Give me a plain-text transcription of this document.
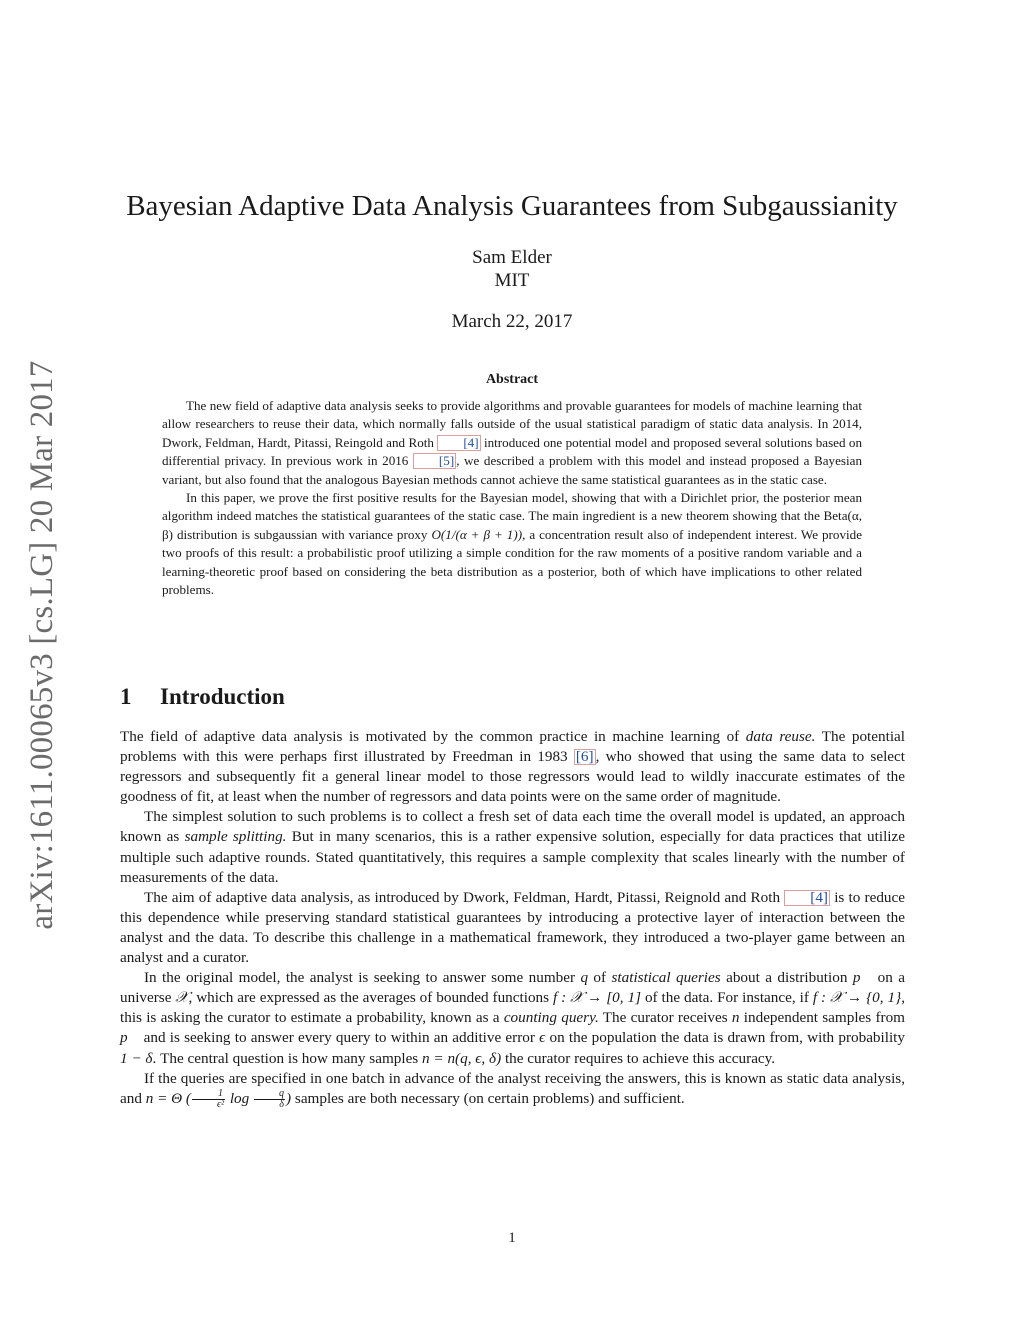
arXiv:1611.00065v3 [cs.LG] 20 Mar 2017
Bayesian Adaptive Data Analysis Guarantees from Subgaussianity
Sam Elder
MIT
March 22, 2017
Abstract

The new field of adaptive data analysis seeks to provide algorithms and provable guarantees for models of machine learning that allow researchers to reuse their data, which normally falls outside of the usual statistical paradigm of static data analysis. In 2014, Dwork, Feldman, Hardt, Pitassi, Reingold and Roth [4] introduced one potential model and proposed several solutions based on differential privacy. In previous work in 2016 [5] , we described a problem with this model and instead proposed a Bayesian variant, but also found that the analogous Bayesian methods cannot achieve the same statistical guarantees as in the static case.

In this paper, we prove the first positive results for the Bayesian model, showing that with a Dirichlet prior, the posterior mean algorithm indeed matches the statistical guarantees of the static case. The main ingredient is a new theorem showing that the Beta(α, β) distribution is subgaussian with variance proxy O(1/(α + β + 1)), a concentration result also of independent interest. We provide two proofs of this result: a probabilistic proof utilizing a simple condition for the raw moments of a positive random variable and a learning-theoretic proof based on considering the beta distribution as a posterior, both of which have implications to other related problems.

1 Introduction

The field of adaptive data analysis is motivated by the common practice in machine learning of data reuse. The potential problems with this were perhaps first illustrated by Freedman in 1983 [6] , who showed that using the same data to select regressors and subsequently fit a general linear model to those regressors would lead to wildly inaccurate estimates of the goodness of fit, at least when the number of regressors and data points were on the same order of magnitude.

The simplest solution to such problems is to collect a fresh set of data each time the overall model is updated, an approach known as sample splitting. But in many scenarios, this is a rather expensive solution, especially for data practices that utilize multiple such adaptive rounds. Stated quantitatively, this requires a sample complexity that scales linearly with the number of measurements of the data.

The aim of adaptive data analysis, as introduced by Dwork, Feldman, Hardt, Pitassi, Reignold and Roth [4] is to reduce this dependence while preserving standard statistical guarantees by introducing a protective layer of interaction between the analyst and the data. To describe this challenge in a mathematical framework, they introduced a two-player game between an analyst and a curator.

In the original model, the analyst is seeking to answer some number q of statistical queries about a distribution p⃗ on a universe 𝒳, which are expressed as the averages of bounded functions f : 𝒳 → [0, 1] of the data. For instance, if f : 𝒳 → {0, 1}, this is asking the curator to estimate a probability, known as a counting query. The curator receives n independent samples from p⃗ and is seeking to answer every query to within an additive error ϵ on the population the data is drawn from, with probability 1 − δ. The central question is how many samples n = n(q, ϵ, δ) the curator requires to achieve this accuracy.

If the queries are specified in one batch in advance of the analyst receiving the answers, this is known as static data analysis, and n = Θ ( $\frac{1}{\text{ϵ²}}$ $\log \frac{q}{\delta}$ ) samples are both necessary (on certain problems) and sufficient.

1
